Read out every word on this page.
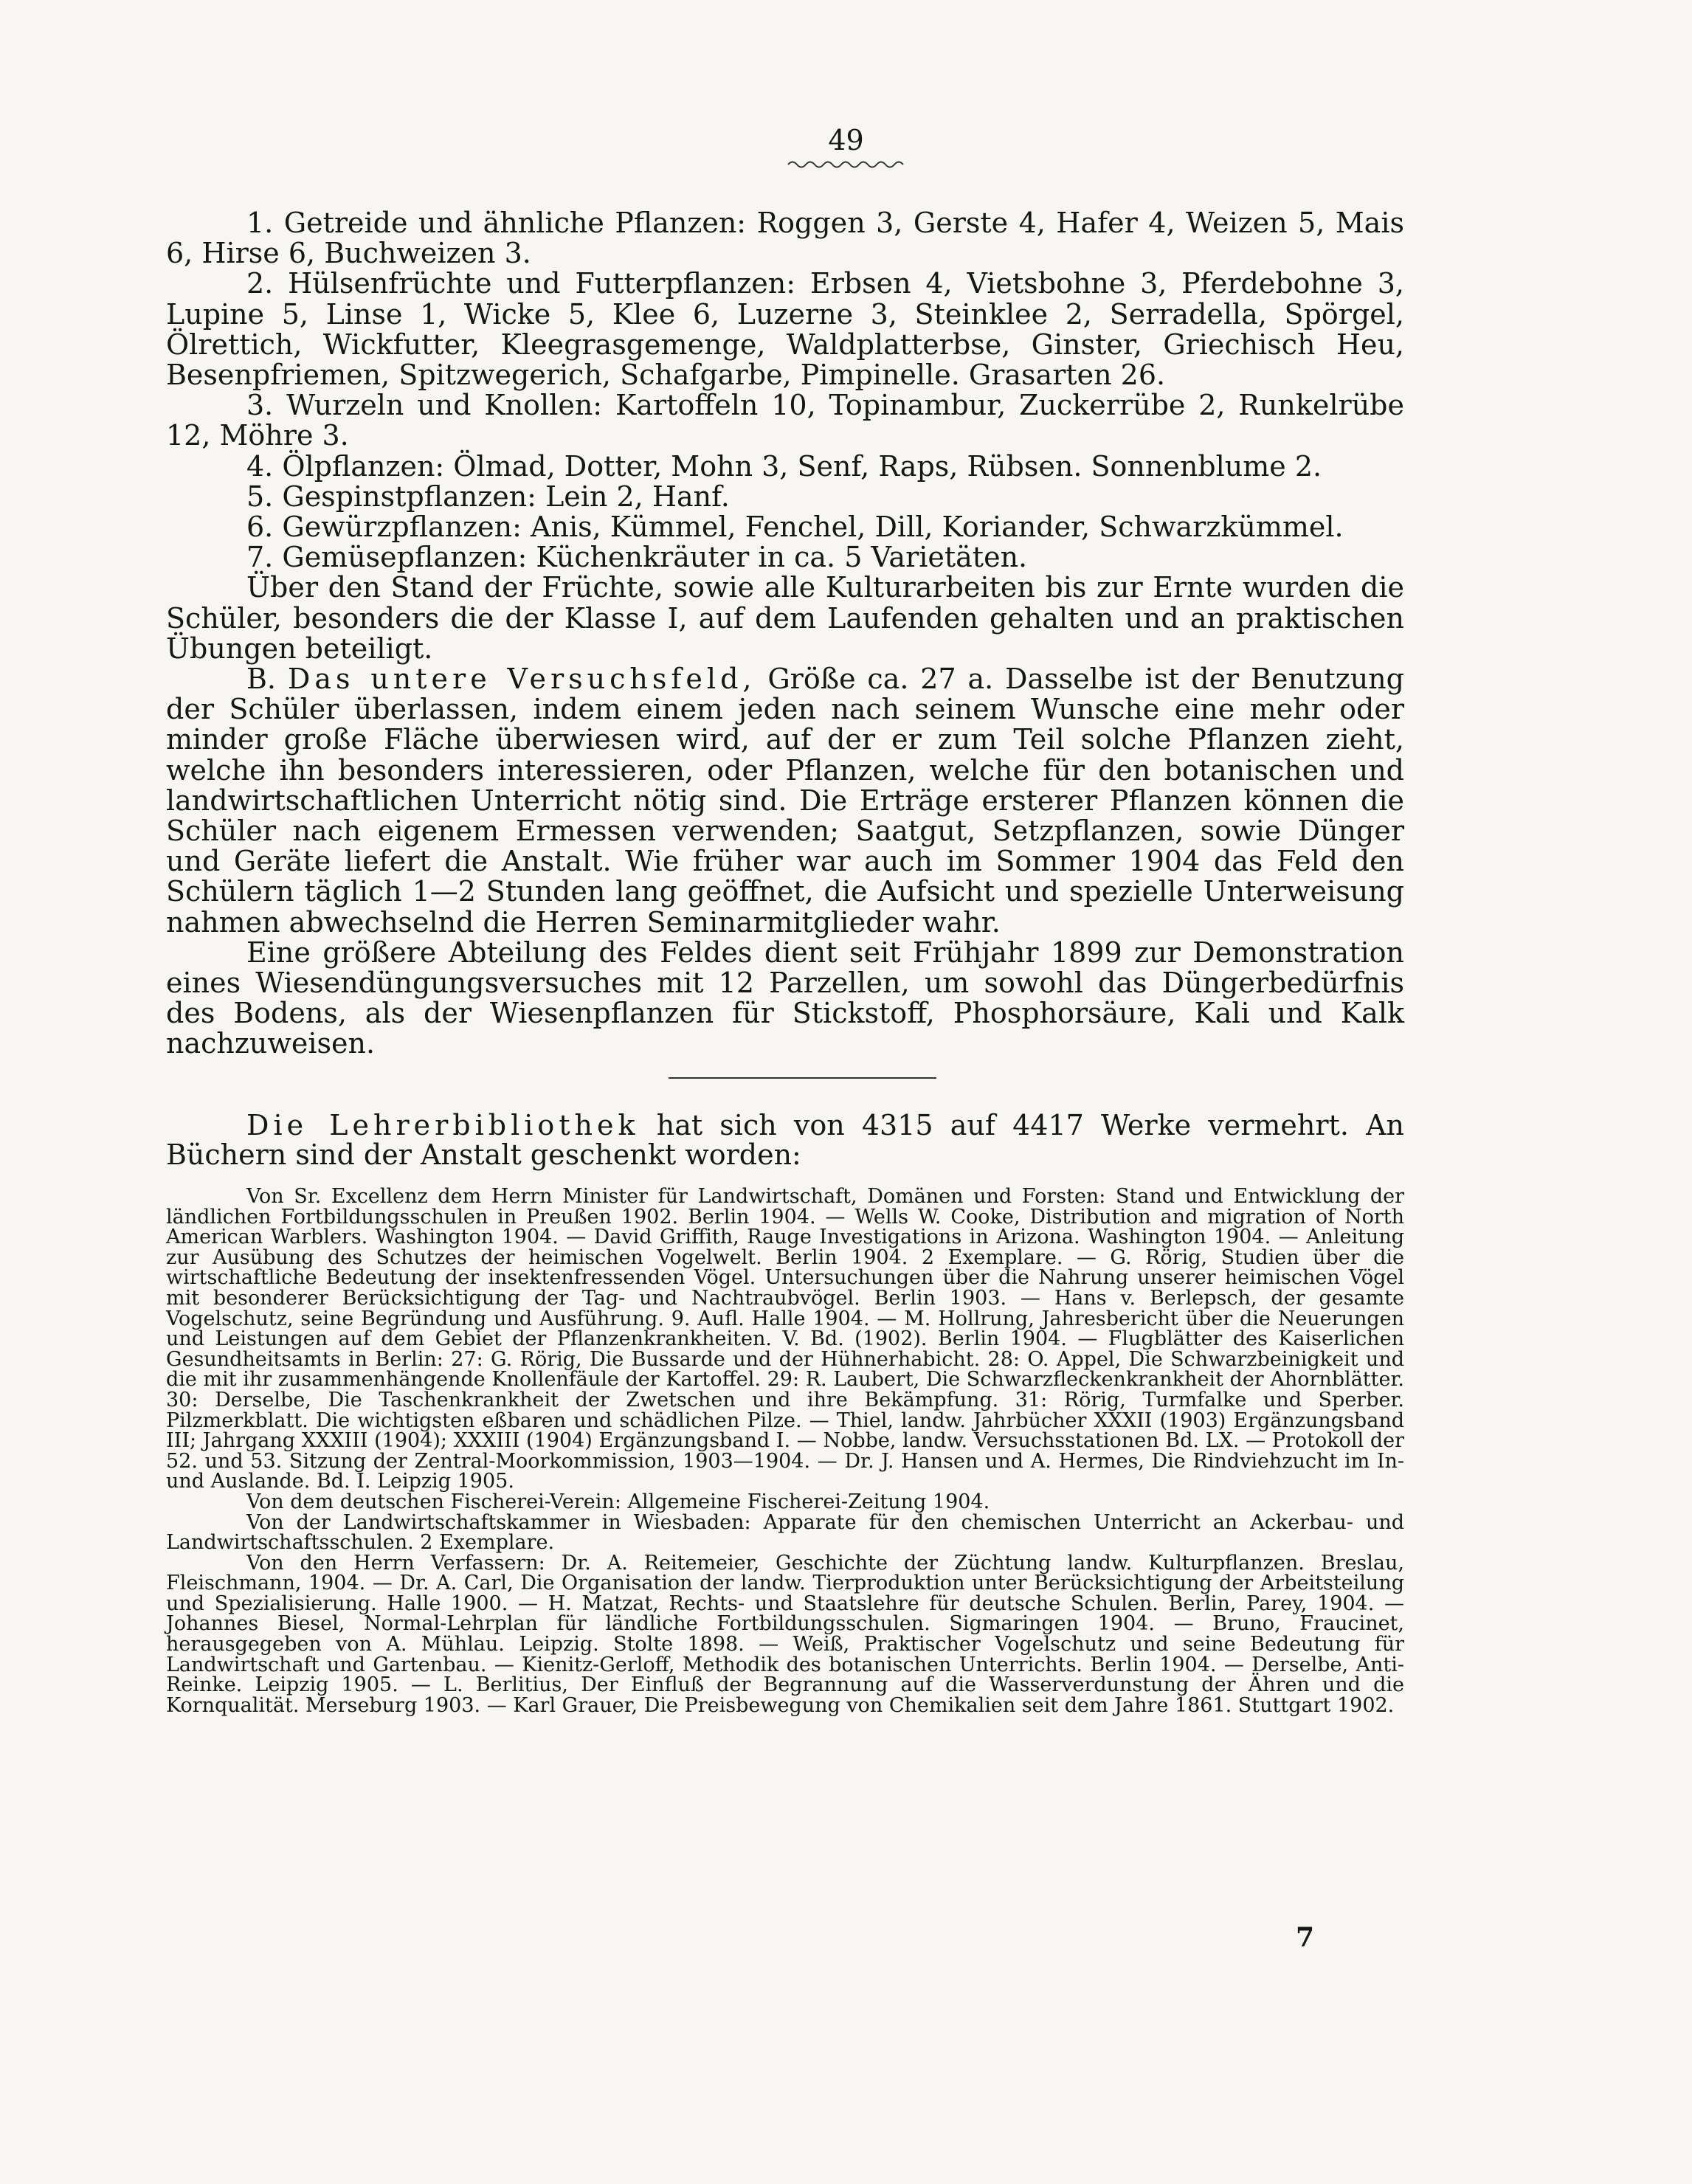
49

1. Getreide und ähnliche Pflanzen: Roggen 3, Gerste 4, Hafer 4, Weizen 5, Mais 6, Hirse 6, Buchweizen 3.

2. Hülsenfrüchte und Futterpflanzen: Erbsen 4, Vietsbohne 3, Pferdebohne 3, Lupine 5, Linse 1, Wicke 5, Klee 6, Luzerne 3, Steinklee 2, Serradella, Spörgel, Ölrettich, Wickfutter, Kleegrasgemenge, Waldplatterbse, Ginster, Griechisch Heu, Besenpfriemen, Spitzwegerich, Schafgarbe, Pimpinelle. Grasarten 26.

3. Wurzeln und Knollen: Kartoffeln 10, Topinambur, Zuckerrübe 2, Runkelrübe 12, Möhre 3.

4. Ölpflanzen: Ölmad, Dotter, Mohn 3, Senf, Raps, Rübsen. Sonnenblume 2.

5. Gespinstpflanzen: Lein 2, Hanf.

6. Gewürzpflanzen: Anis, Kümmel, Fenchel, Dill, Koriander, Schwarzkümmel.

7. Gemüsepflanzen: Küchenkräuter in ca. 5 Varietäten.

Über den Stand der Früchte, sowie alle Kulturarbeiten bis zur Ernte wurden die Schüler, besonders die der Klasse I, auf dem Laufenden gehalten und an praktischen Übungen beteiligt.

B. Das untere Versuchsfeld, Größe ca. 27 a. Dasselbe ist der Benutzung der Schüler überlassen, indem einem jeden nach seinem Wunsche eine mehr oder minder große Fläche überwiesen wird, auf der er zum Teil solche Pflanzen zieht, welche ihn besonders interessieren, oder Pflanzen, welche für den botanischen und landwirtschaftlichen Unterricht nötig sind. Die Erträge ersterer Pflanzen können die Schüler nach eigenem Ermessen verwenden; Saatgut, Setzpflanzen, sowie Dünger und Geräte liefert die Anstalt. Wie früher war auch im Sommer 1904 das Feld den Schülern täglich 1—2 Stunden lang geöffnet, die Aufsicht und spezielle Unterweisung nahmen abwechselnd die Herren Seminarmitglieder wahr.

Eine größere Abteilung des Feldes dient seit Frühjahr 1899 zur Demonstration eines Wiesendüngungsversuches mit 12 Parzellen, um sowohl das Düngerbedürfnis des Bodens, als der Wiesenpflanzen für Stickstoff, Phosphorsäure, Kali und Kalk nachzuweisen.

Die Lehrerbibliothek hat sich von 4315 auf 4417 Werke vermehrt. An Büchern sind der Anstalt geschenkt worden:

Von Sr. Excellenz dem Herrn Minister für Landwirtschaft, Domänen und Forsten: Stand und Entwicklung der ländlichen Fortbildungsschulen in Preußen 1902. Berlin 1904. — Wells W. Cooke, Distribution and migration of North American Warblers. Washington 1904. — David Griffith, Rauge Investigations in Arizona. Washington 1904. — Anleitung zur Ausübung des Schutzes der heimischen Vogelwelt. Berlin 1904. 2 Exemplare. — G. Rörig, Studien über die wirtschaftliche Bedeutung der insektenfressenden Vögel. Untersuchungen über die Nahrung unserer heimischen Vögel mit besonderer Berücksichtigung der Tag- und Nachtraubvögel. Berlin 1903. — Hans v. Berlepsch, der gesamte Vogelschutz, seine Begründung und Ausführung. 9. Aufl. Halle 1904. — M. Hollrung, Jahresbericht über die Neuerungen und Leistungen auf dem Gebiet der Pflanzenkrankheiten. V. Bd. (1902). Berlin 1904. — Flugblätter des Kaiserlichen Gesundheitsamts in Berlin: 27: G. Rörig, Die Bussarde und der Hühnerhabicht. 28: O. Appel, Die Schwarzbeinigkeit und die mit ihr zusammenhängende Knollenfäule der Kartoffel. 29: R. Laubert, Die Schwarzfleckenkrankheit der Ahornblätter. 30: Derselbe, Die Taschenkrankheit der Zwetschen und ihre Bekämpfung. 31: Rörig, Turmfalke und Sperber. Pilzmerkblatt. Die wichtigsten eßbaren und schädlichen Pilze. — Thiel, landw. Jahrbücher XXXII (1903) Ergänzungsband III; Jahrgang XXXIII (1904); XXXIII (1904) Ergänzungsband I. — Nobbe, landw. Versuchsstationen Bd. LX. — Protokoll der 52. und 53. Sitzung der Zentral-Moorkommission, 1903—1904. — Dr. J. Hansen und A. Hermes, Die Rindviehzucht im In- und Auslande. Bd. I. Leipzig 1905.

Von dem deutschen Fischerei-Verein: Allgemeine Fischerei-Zeitung 1904.

Von der Landwirtschaftskammer in Wiesbaden: Apparate für den chemischen Unterricht an Ackerbau- und Landwirtschaftsschulen. 2 Exemplare.

Von den Herrn Verfassern: Dr. A. Reitemeier, Geschichte der Züchtung landw. Kulturpflanzen. Breslau, Fleischmann, 1904. — Dr. A. Carl, Die Organisation der landw. Tierproduktion unter Berücksichtigung der Arbeitsteilung und Spezialisierung. Halle 1900. — H. Matzat, Rechts- und Staatslehre für deutsche Schulen. Berlin, Parey, 1904. — Johannes Biesel, Normal-Lehrplan für ländliche Fortbildungsschulen. Sigmaringen 1904. — Bruno, Fraucinet, herausgegeben von A. Mühlau. Leipzig. Stolte 1898. — Weiß, Praktischer Vogelschutz und seine Bedeutung für Landwirtschaft und Gartenbau. — Kienitz-Gerloff, Methodik des botanischen Unterrichts. Berlin 1904. — Derselbe, Anti-Reinke. Leipzig 1905. — L. Berlitius, Der Einfluß der Begrannung auf die Wasserverdunstung der Ähren und die Kornqualität. Merseburg 1903. — Karl Grauer, Die Preisbewegung von Chemikalien seit dem Jahre 1861. Stuttgart 1902.

7
